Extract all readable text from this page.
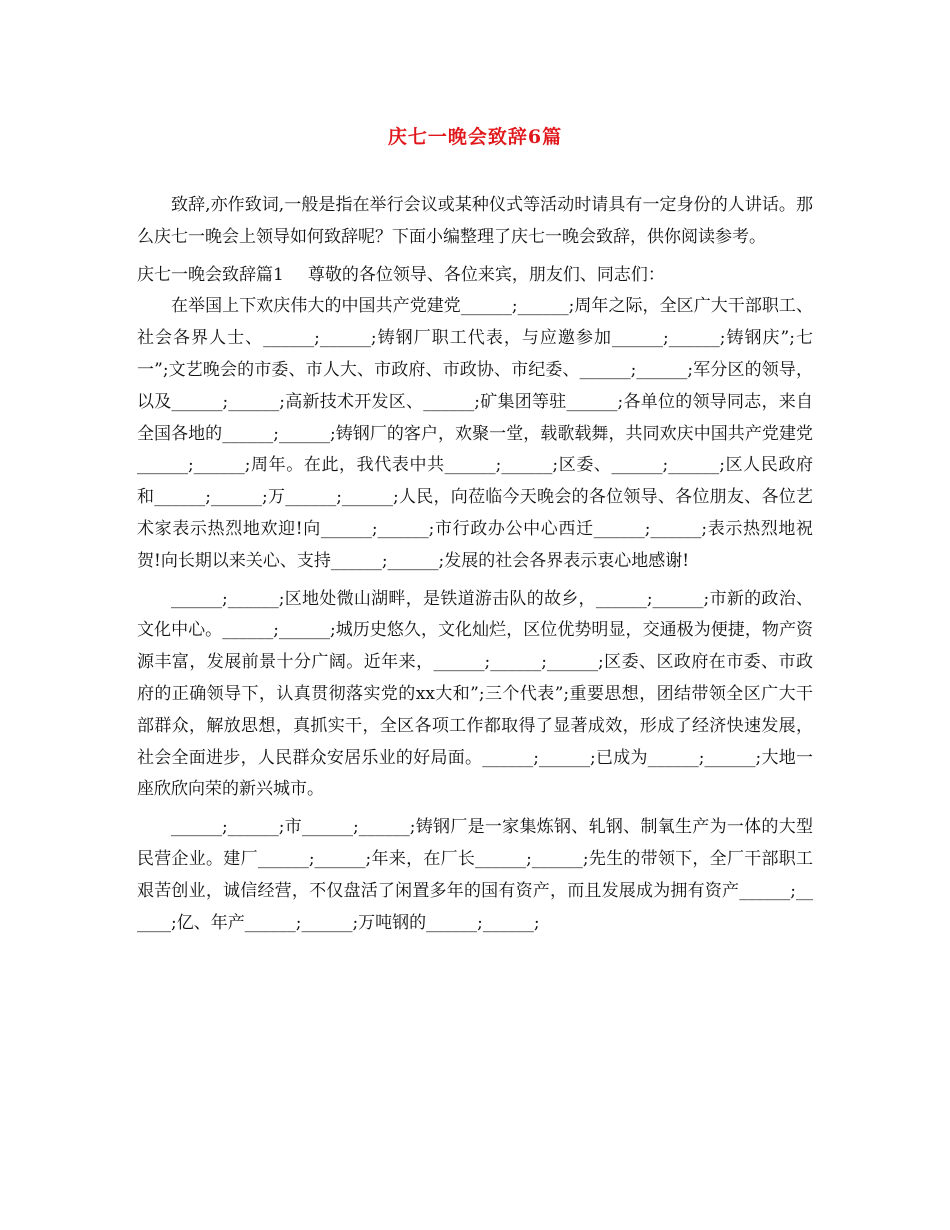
庆七一晚会致辞6篇

致辞,亦作致词,一般是指在举行会议或某种仪式等活动时请具有一定身份的人讲话。那么庆七一晚会上领导如何致辞呢？下面小编整理了庆七一晚会致辞，供你阅读参考。

庆七一晚会致辞篇1 尊敬的各位领导、各位来宾，朋友们、同志们：

在举国上下欢庆伟大的中国共产党建党______;______;周年之际，全区广大干部职工、社会各界人士、______;______;铸钢厂职工代表，与应邀参加______;______;铸钢庆”;七一”;文艺晚会的市委、市人大、市政府、市政协、市纪委、______;______;军分区的领导，以及______;______;高新技术开发区、______;矿集团等驻______;各单位的领导同志，来自全国各地的______;______;铸钢厂的客户，欢聚一堂，载歌载舞，共同欢庆中国共产党建党______;______;周年。在此，我代表中共______;______;区委、______;______;区人民政府和______;______;万______;______;人民，向莅临今天晚会的各位领导、各位朋友、各位艺术家表示热烈地欢迎!向______;______;市行政办公中心西迁______;______;表示热烈地祝贺!向长期以来关心、支持______;______;发展的社会各界表示衷心地感谢!

______;______;区地处微山湖畔，是铁道游击队的故乡，______;______;市新的政治、文化中心。______;______;城历史悠久，文化灿烂，区位优势明显，交通极为便捷，物产资源丰富，发展前景十分广阔。近年来，______;______;______;区委、区政府在市委、市政府的正确领导下，认真贯彻落实党的xx大和”;三个代表”;重要思想，团结带领全区广大干部群众，解放思想，真抓实干，全区各项工作都取得了显著成效，形成了经济快速发展，社会全面进步，人民群众安居乐业的好局面。______;______;已成为______;______;大地一座欣欣向荣的新兴城市。

______;______;市______;______;铸钢厂是一家集炼钢、轧钢、制氧生产为一体的大型民营企业。建厂______;______;年来，在厂长______;______;先生的带领下，全厂干部职工艰苦创业，诚信经营，不仅盘活了闲置多年的国有资产，而且发展成为拥有资产______;______;亿、年产______;______;万吨钢的______;______;
